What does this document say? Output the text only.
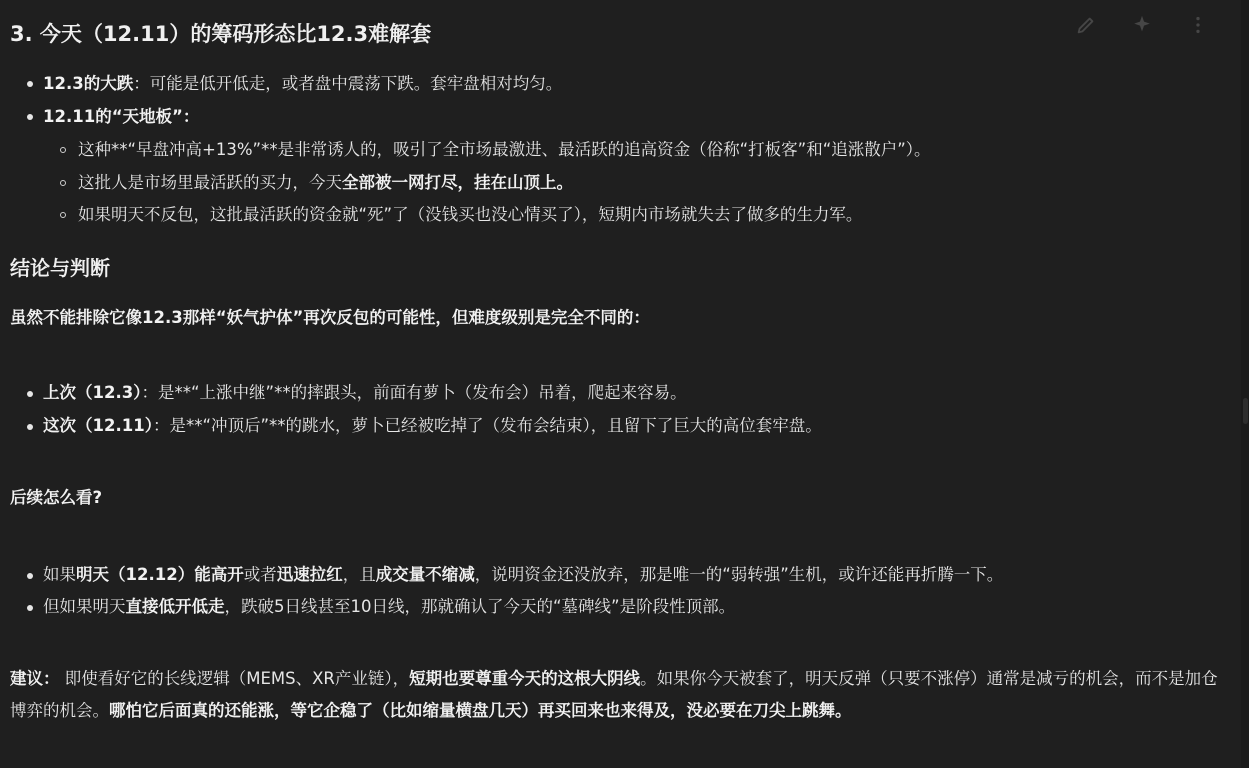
3. 今天（12.11）的筹码形态比12.3难解套
12.3的大跌：可能是低开低走，或者盘中震荡下跌。套牢盘相对均匀。
12.11的“天地板”：
这种**“早盘冲高+13%”**是非常诱人的，吸引了全市场最激进、最活跃的追高资金（俗称“打板客”和“追涨散户”）。
这批人是市场里最活跃的买力，今天全部被一网打尽，挂在山顶上。
如果明天不反包，这批最活跃的资金就“死”了（没钱买也没心情买了），短期内市场就失去了做多的生力军。
结论与判断
虽然不能排除它像12.3那样“妖气护体”再次反包的可能性，但难度级别是完全不同的：
上次（12.3）：是**“上涨中继”**的摔跟头，前面有萝卜（发布会）吊着，爬起来容易。
这次（12.11）：是**“冲顶后”**的跳水，萝卜已经被吃掉了（发布会结束），且留下了巨大的高位套牢盘。
后续怎么看?
如果明天（12.12）能高开或者迅速拉红，且成交量不缩减，说明资金还没放弃，那是唯一的“弱转强”生机，或许还能再折腾一下。
但如果明天直接低开低走，跌破5日线甚至10日线，那就确认了今天的“墓碑线”是阶段性顶部。
建议： 即使看好它的长线逻辑（MEMS、XR产业链），短期也要尊重今天的这根大阴线。如果你今天被套了，明天反弹（只要不涨停）通常是减亏的机会，而不是加仓博弈的机会。哪怕它后面真的还能涨，等它企稳了（比如缩量横盘几天）再买回来也来得及，没必要在刀尖上跳舞。
